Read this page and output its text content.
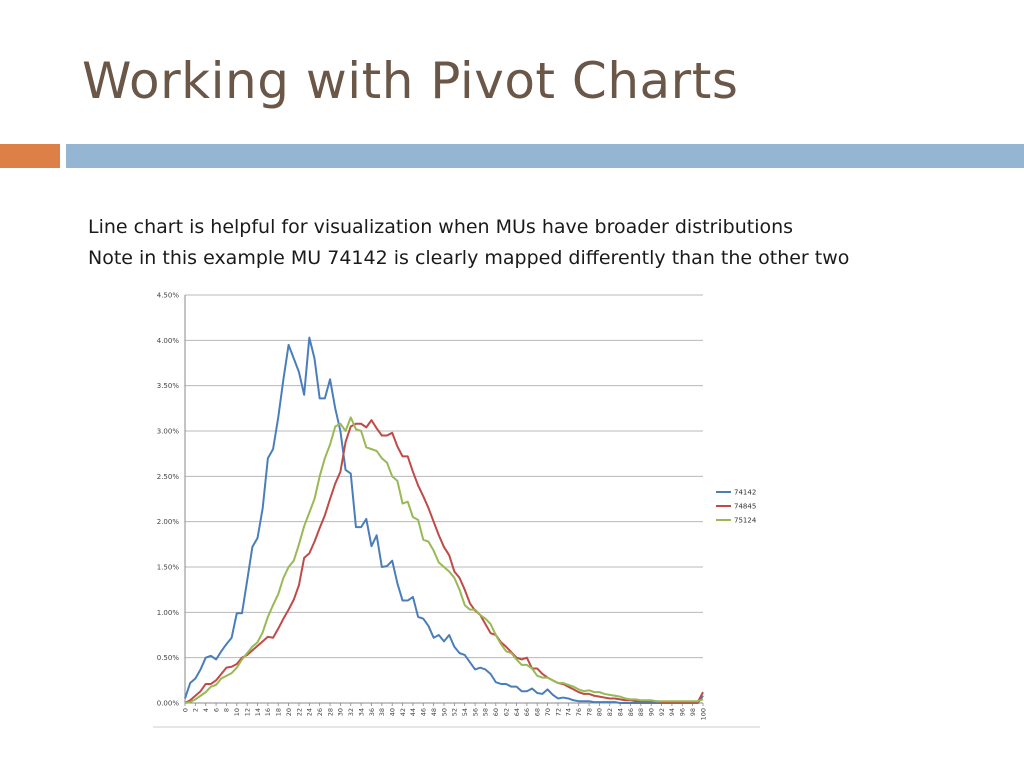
Working with Pivot Charts
Line chart is helpful for visualization when MUs have broader distributions
Note in this example MU 74142 is clearly mapped differently than the other two
0.00%
0.50%
1.00%
1.50%
2.00%
2.50%
3.00%
3.50%
4.00%
4.50%
0 2 4 6 8 10 12 14 16 18 20 22 24 26 28 30 32 34 36 38 40 42 44 46 48 50 52 54 56 58 60 62 64 66 68 70 72 74 76 78 80 82 84 86 88 90 92 94 96 98 100
74142
74845
75124
